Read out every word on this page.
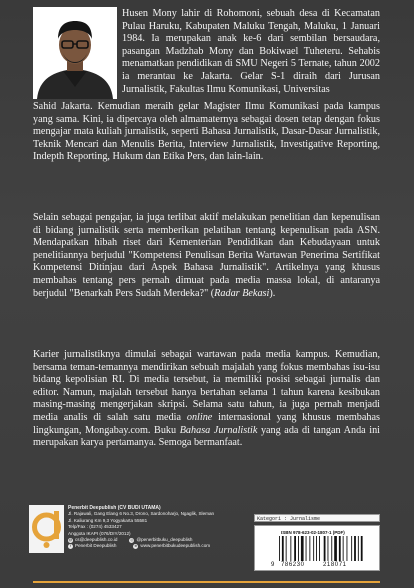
Husen Mony lahir di Rohomoni, sebuah desa di Kecamatan Pulau Haruku, Kabupaten Maluku Tengah, Maluku, 1 Januari 1984. Ia merupakan anak ke-6 dari sembilan bersaudara, pasangan Madzhab Mony dan Bokiwael Tuheteru. Sehabis menamatkan pendidikan di SMU Negeri 5 Ternate, tahun 2002 ia merantau ke Jakarta. Gelar S-1 diraih dari Jurusan Jurnalistik, Fakultas Ilmu Komunikasi, Universitas

Sahid Jakarta. Kemudian meraih gelar Magister Ilmu Komunikasi pada kampus yang sama. Kini, ia dipercaya oleh almamaternya sebagai dosen tetap dengan fokus mengajar mata kuliah jurnalistik, seperti Bahasa Jurnalistik, Dasar-Dasar Jurnalistik, Teknik Mencari dan Menulis Berita, Interview Jurnalistik, Investigative Reporting, Indepth Reporting, Hukum dan Etika Pers, dan lain-lain.

Selain sebagai pengajar, ia juga terlibat aktif melakukan penelitian dan kepenulisan di bidang jurnalistik serta memberikan pelatihan tentang kepenulisan pada ASN. Mendapatkan hibah riset dari Kementerian Pendidikan dan Kebudayaan untuk penelitiannya berjudul "Kompetensi Penulisan Berita Wartawan Penerima Sertifikat Kompetensi Ditinjau dari Aspek Bahasa Jurnalistik". Artikelnya yang khusus membahas tentang pers pernah dimuat pada media massa lokal, di antaranya berjudul "Benarkah Pers Sudah Merdeka?" (Radar Bekasi).

Karier jurnalistiknya dimulai sebagai wartawan pada media kampus. Kemudian, bersama teman-temannya mendirikan sebuah majalah yang fokus membahas isu-isu bidang kepolisian RI. Di media tersebut, ia memiliki posisi sebagai jurnalis dan editor. Namun, majalah tersebut hanya bertahan selama 1 tahun karena kesibukan masing-masing mengerjakan skripsi. Selama satu tahun, ia juga pernah menjadi media analis di salah satu media online internasional yang khusus membahas lingkungan, Mongabay.com. Buku Bahasa Jurnalistik yang ada di tangan Anda ini merupakan karya pertamanya. Semoga bermanfaat.

Penerbit Deepublish (CV BUDI UTAMA)
Jl. Rajawali, Gang Elang 6 No.3, Drono, Sardonoharjo, Ngaglik, Sleman
Jl. Kaliurang Km 9,3 Yogyakarta 55581
Telp/Fax : (0274) 4533427
Anggota IKAPI (076/DIY/2012)
@ cs@deepublish.co.id	◎ @penerbitbuku_deepublish
f Penerbit Deepublish	⊕ www.penerbitbukudeepublish.com
Kategori : Jurnalisme
ISBN 978-623-02-1807-1 (PDF)
9 786230	218071
